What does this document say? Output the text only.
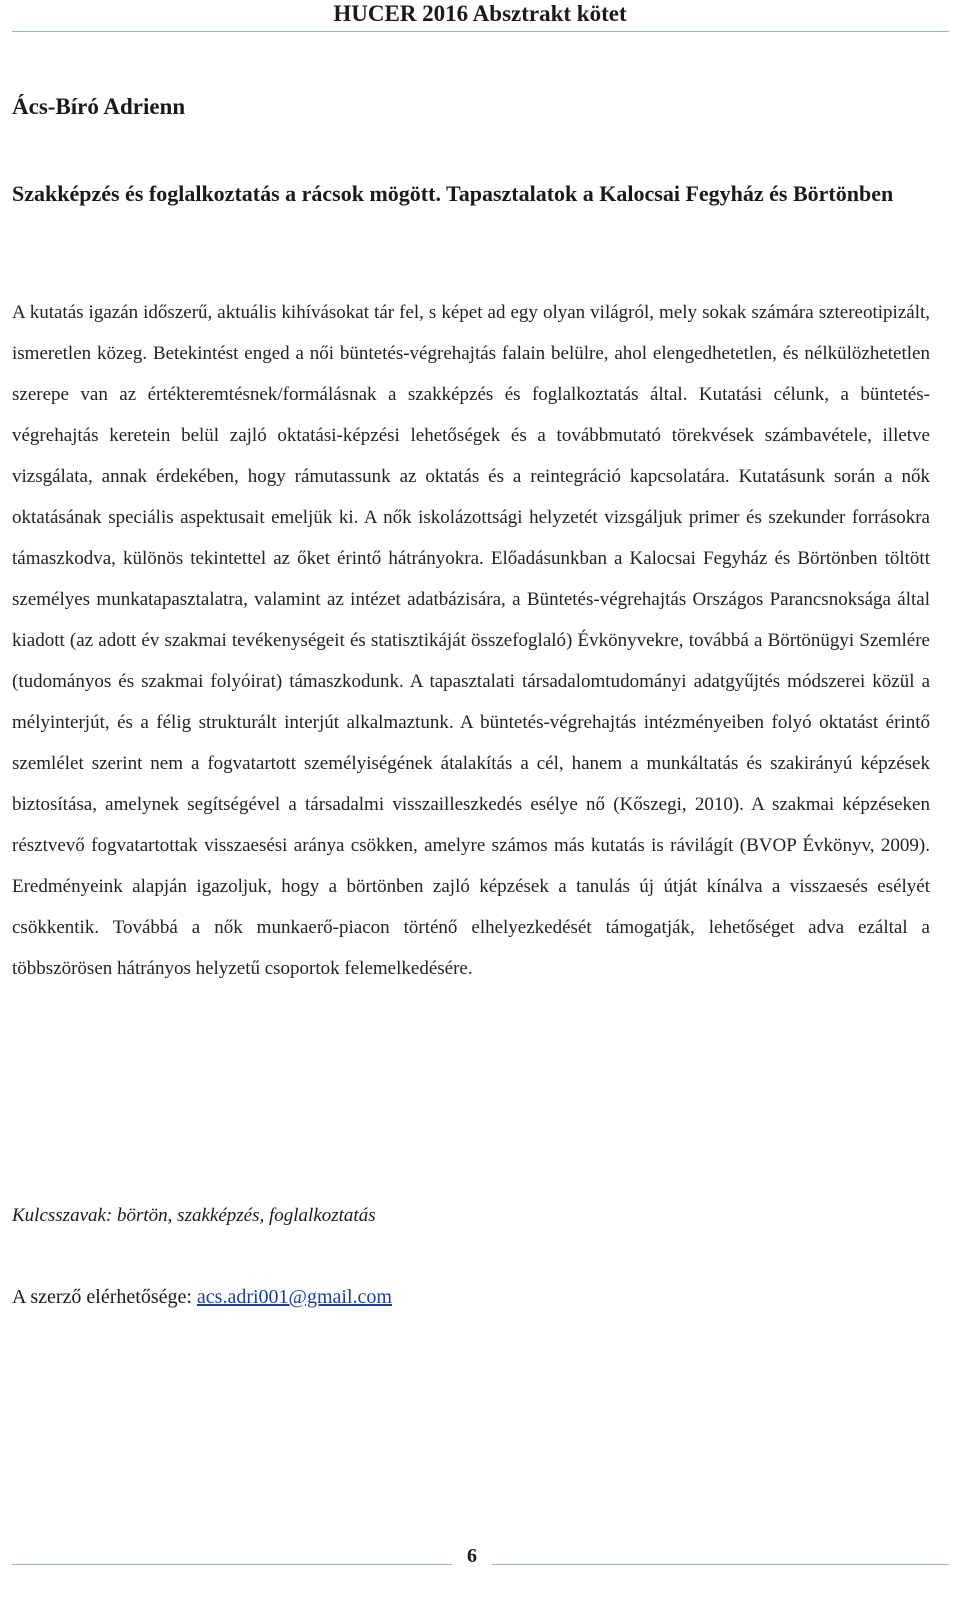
HUCER 2016 Absztrakt kötet
Ács-Bíró Adrienn
Szakképzés és foglalkoztatás a rácsok mögött. Tapasztalatok a Kalocsai Fegyház és Börtönben

A kutatás igazán időszerű, aktuális kihívásokat tár fel, s képet ad egy olyan világról, mely sokak számára sztereotipizált, ismeretlen közeg. Betekintést enged a női büntetés-végrehajtás falain belülre, ahol elengedhetetlen, és nélkülözhetetlen szerepe van az értékteremtésnek/formálásnak a szakképzés és foglalkoztatás által. Kutatási célunk, a büntetés-végrehajtás keretein belül zajló oktatási-képzési lehetőségek és a továbbmutató törekvések számbavétele, illetve vizsgálata, annak érdekében, hogy rámutassunk az oktatás és a reintegráció kapcsolatára. Kutatásunk során a nők oktatásának speciális aspektusait emeljük ki. A nők iskolázottsági helyzetét vizsgáljuk primer és szekunder forrásokra támaszkodva, különös tekintettel az őket érintő hátrányokra. Előadásunkban a Kalocsai Fegyház és Börtönben töltött személyes munkatapasztalatra, valamint az intézet adatbázisára, a Büntetés-végrehajtás Országos Parancsnoksága által kiadott (az adott év szakmai tevékenységeit és statisztikáját összefoglaló) Évkönyvekre, továbbá a Börtönügyi Szemlére (tudományos és szakmai folyóirat) támaszkodunk. A tapasztalati társadalomtudományi adatgyűjtés módszerei közül a mélyinterjút, és a félig strukturált interjút alkalmaztunk. A büntetés-végrehajtás intézményeiben folyó oktatást érintő szemlélet szerint nem a fogvatartott személyiségének átalakítás a cél, hanem a munkáltatás és szakirányú képzések biztosítása, amelynek segítségével a társadalmi visszailleszkedés esélye nő (Kőszegi, 2010). A szakmai képzéseken résztvevő fogvatartottak visszaesési aránya csökken, amelyre számos más kutatás is rávilágít (BVOP Évkönyv, 2009). Eredményeink alapján igazoljuk, hogy a börtönben zajló képzések a tanulás új útját kínálva a visszaesés esélyét csökkentik. Továbbá a nők munkaerő-piacon történő elhelyezkedését támogatják, lehetőséget adva ezáltal a többszörösen hátrányos helyzetű csoportok felemelkedésére.

Kulcsszavak: börtön, szakképzés, foglalkoztatás

A szerző elérhetősége: acs.adri001@gmail.com

6
